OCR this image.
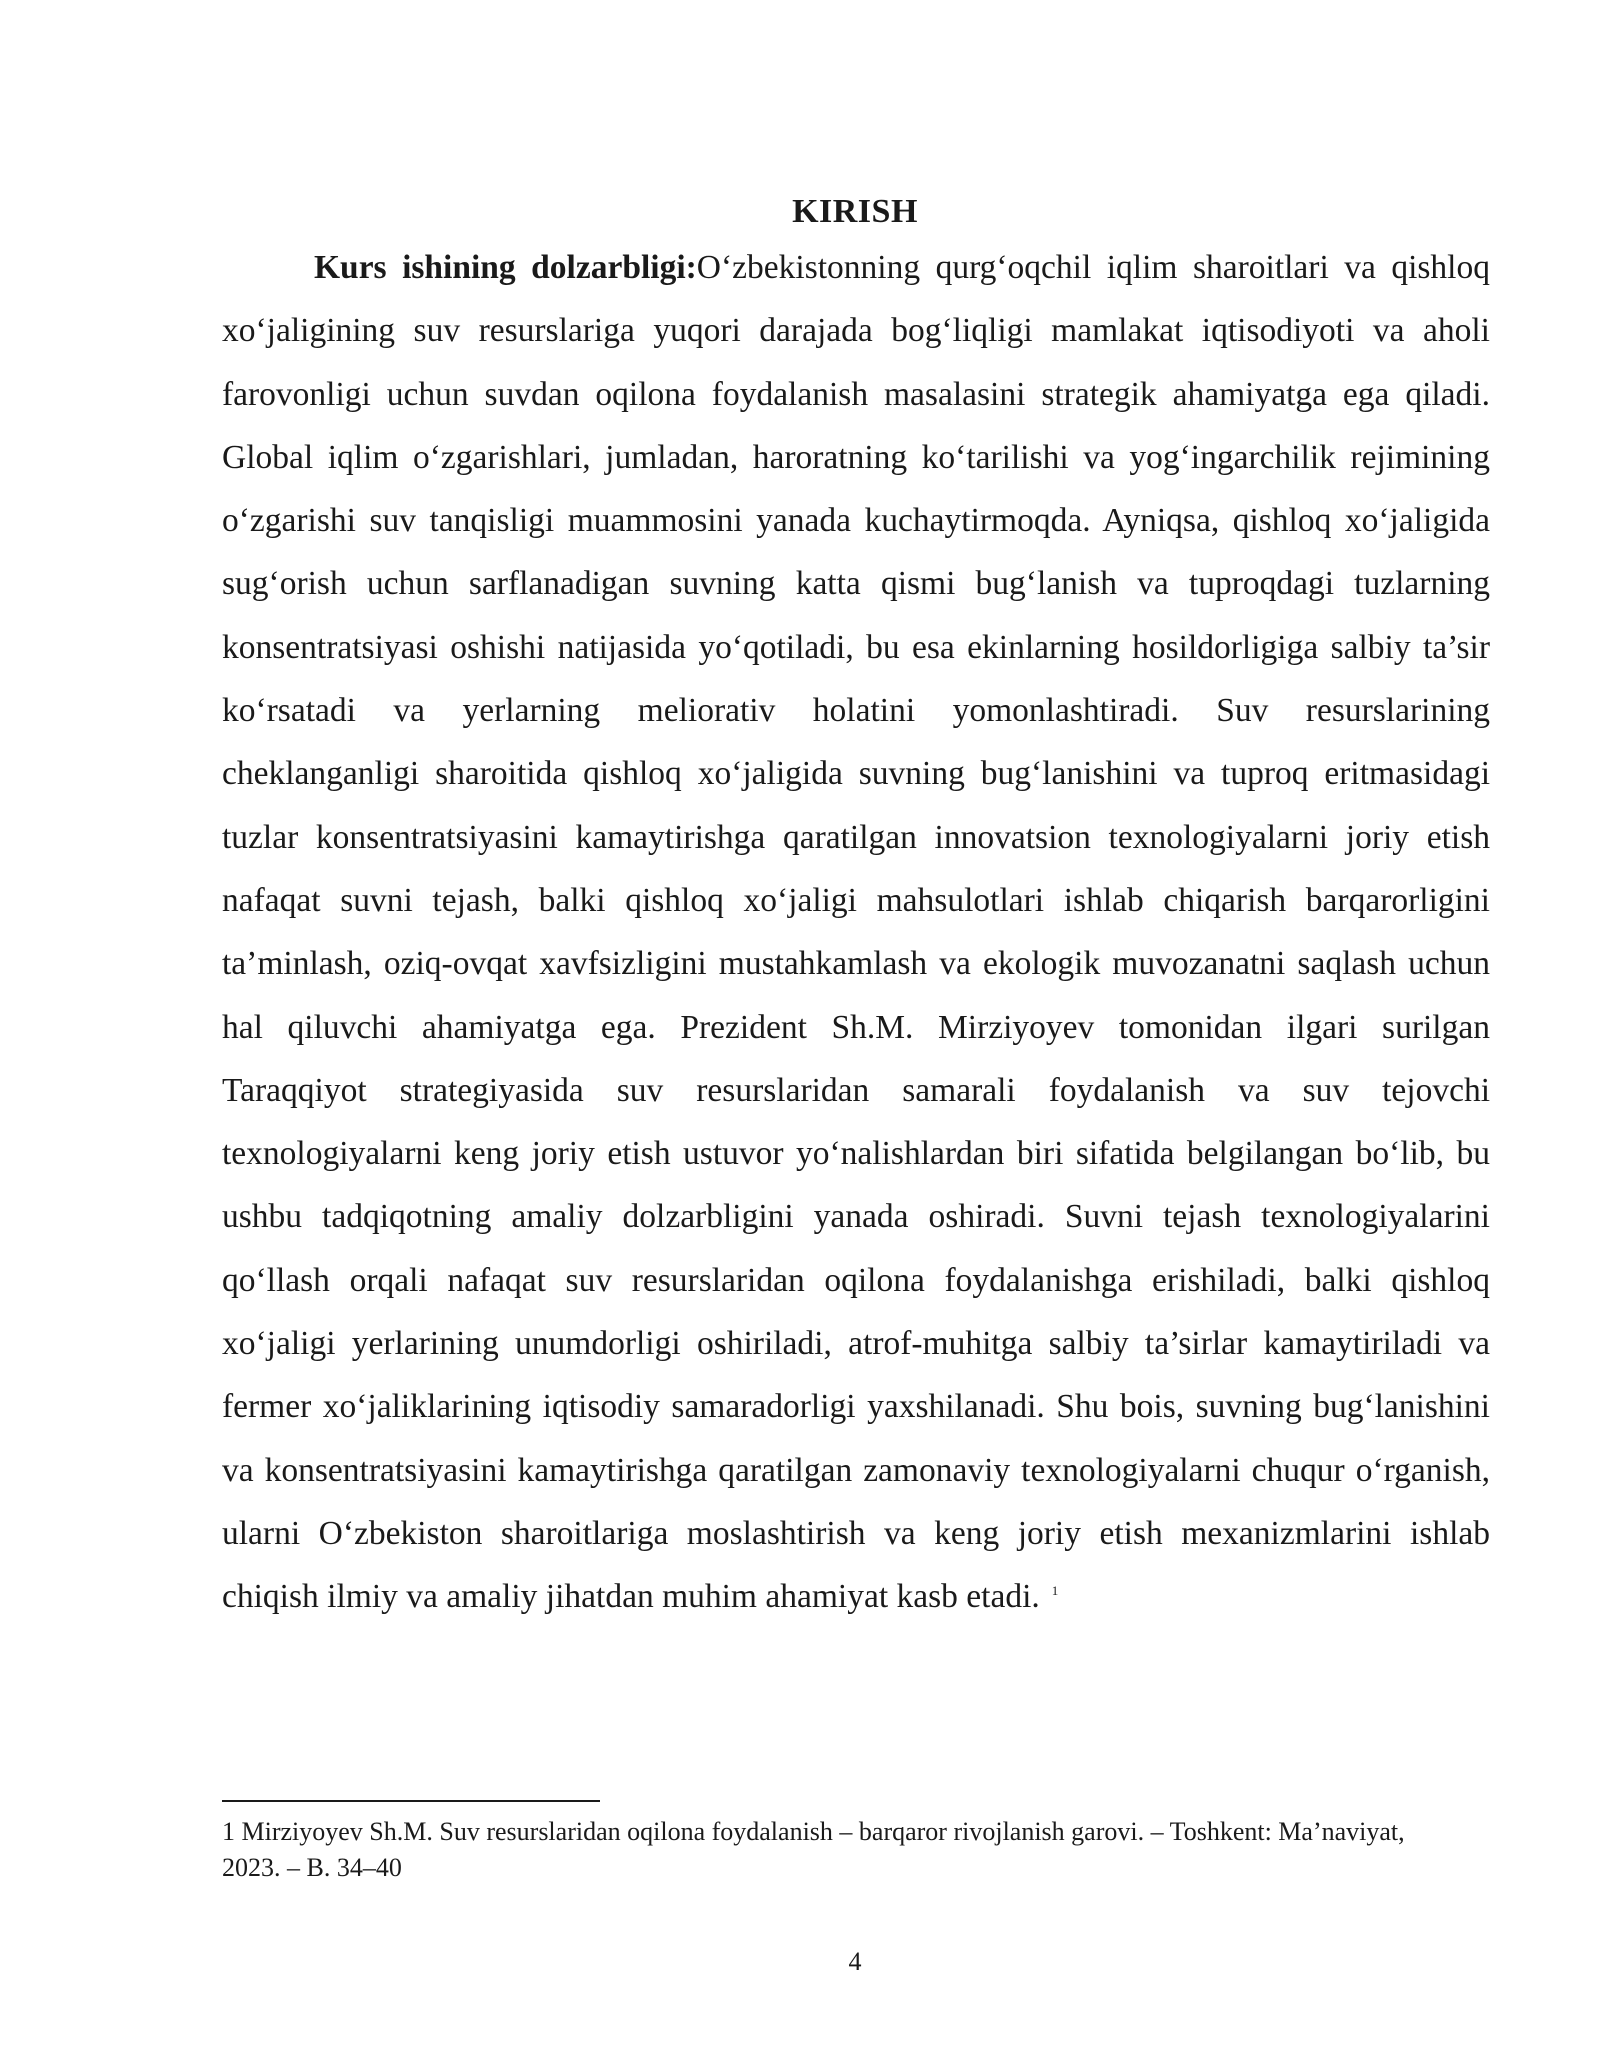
KIRISH

Kurs ishining dolzarbligi:O‘zbekistonning qurg‘oqchil iqlim sharoitlari va qishloq xo‘jaligining suv resurslariga yuqori darajada bog‘liqligi mamlakat iqtisodiyoti va aholi farovonligi uchun suvdan oqilona foydalanish masalasini strategik ahamiyatga ega qiladi. Global iqlim o‘zgarishlari, jumladan, haroratning ko‘tarilishi va yog‘ingarchilik rejimining o‘zgarishi suv tanqisligi muammosini yanada kuchaytirmoqda. Ayniqsa, qishloq xo‘jaligida sug‘orish uchun sarflanadigan suvning katta qismi bug‘lanish va tuproqdagi tuzlarning konsentratsiyasi oshishi natijasida yo‘qotiladi, bu esa ekinlarning hosildorligiga salbiy ta’sir ko‘rsatadi va yerlarning meliorativ holatini yomonlashtiradi. Suv resurslarining cheklanganligi sharoitida qishloq xo‘jaligida suvning bug‘lanishini va tuproq eritmasidagi tuzlar konsentratsiyasini kamaytirishga qaratilgan innovatsion texnologiyalarni joriy etish nafaqat suvni tejash, balki qishloq xo‘jaligi mahsulotlari ishlab chiqarish barqarorligini ta’minlash, oziq-ovqat xavfsizligini mustahkamlash va ekologik muvozanatni saqlash uchun hal qiluvchi ahamiyatga ega. Prezident Sh.M. Mirziyoyev tomonidan ilgari surilgan Taraqqiyot strategiyasida suv resurslaridan samarali foydalanish va suv tejovchi texnologiyalarni keng joriy etish ustuvor yo‘nalishlardan biri sifatida belgilangan bo‘lib, bu ushbu tadqiqotning amaliy dolzarbligini yanada oshiradi. Suvni tejash texnologiyalarini qo‘llash orqali nafaqat suv resurslaridan oqilona foydalanishga erishiladi, balki qishloq xo‘jaligi yerlarining unumdorligi oshiriladi, atrof-muhitga salbiy ta’sirlar kamaytiriladi va fermer xo‘jaliklarining iqtisodiy samaradorligi yaxshilanadi. Shu bois, suvning bug‘lanishini va konsentratsiyasini kamaytirishga qaratilgan zamonaviy texnologiyalarni chuqur o‘rganish, ularni O‘zbekiston sharoitlariga moslashtirish va keng joriy etish mexanizmlarini ishlab chiqish ilmiy va amaliy jihatdan muhim ahamiyat kasb etadi. $^1$

1 Mirziyoyev Sh.M. Suv resurslaridan oqilona foydalanish – barqaror rivojlanish garovi. – Toshkent: Ma’naviyat, 2023. – B. 34–40

4
